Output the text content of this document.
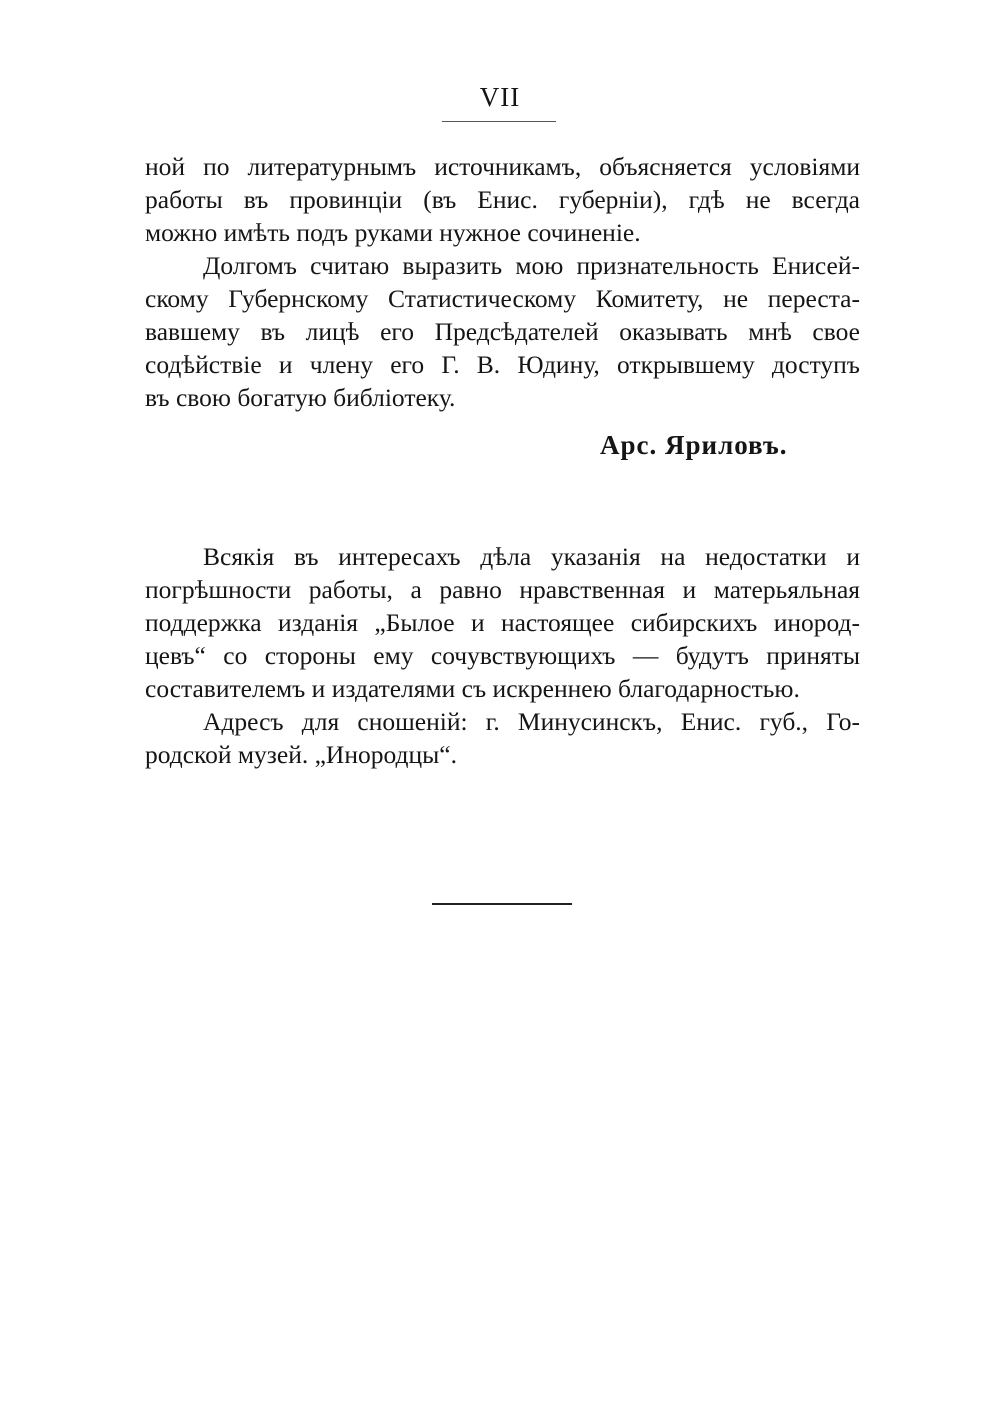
VII
ной по литературнымъ источникамъ, объясняется условіями
работы въ провинціи (въ Енис. губерніи), гдѣ не всегда
можно имѣть подъ руками нужное сочиненіе.
Долгомъ считаю выразить мою признательность Енисей-
скому Губернскому Статистическому Комитету, не переста-
вавшему въ лицѣ его Предсѣдателей оказывать мнѣ свое
содѣйствіе и члену его Г. В. Юдину, открывшему доступъ
въ свою богатую библіотеку.
Арс. Яриловъ.
Всякія въ интересахъ дѣла указанія на недостатки и
погрѣшности работы, а равно нравственная и матерьяльная
поддержка изданія „Былое и настоящее сибирскихъ инород-
цевъ“ со стороны ему сочувствующихъ — будутъ приняты
составителемъ и издателями съ искреннею благодарностью.
Адресъ для сношеній: г. Минусинскъ, Енис. губ., Го-
родской музей. „Инородцы“.
